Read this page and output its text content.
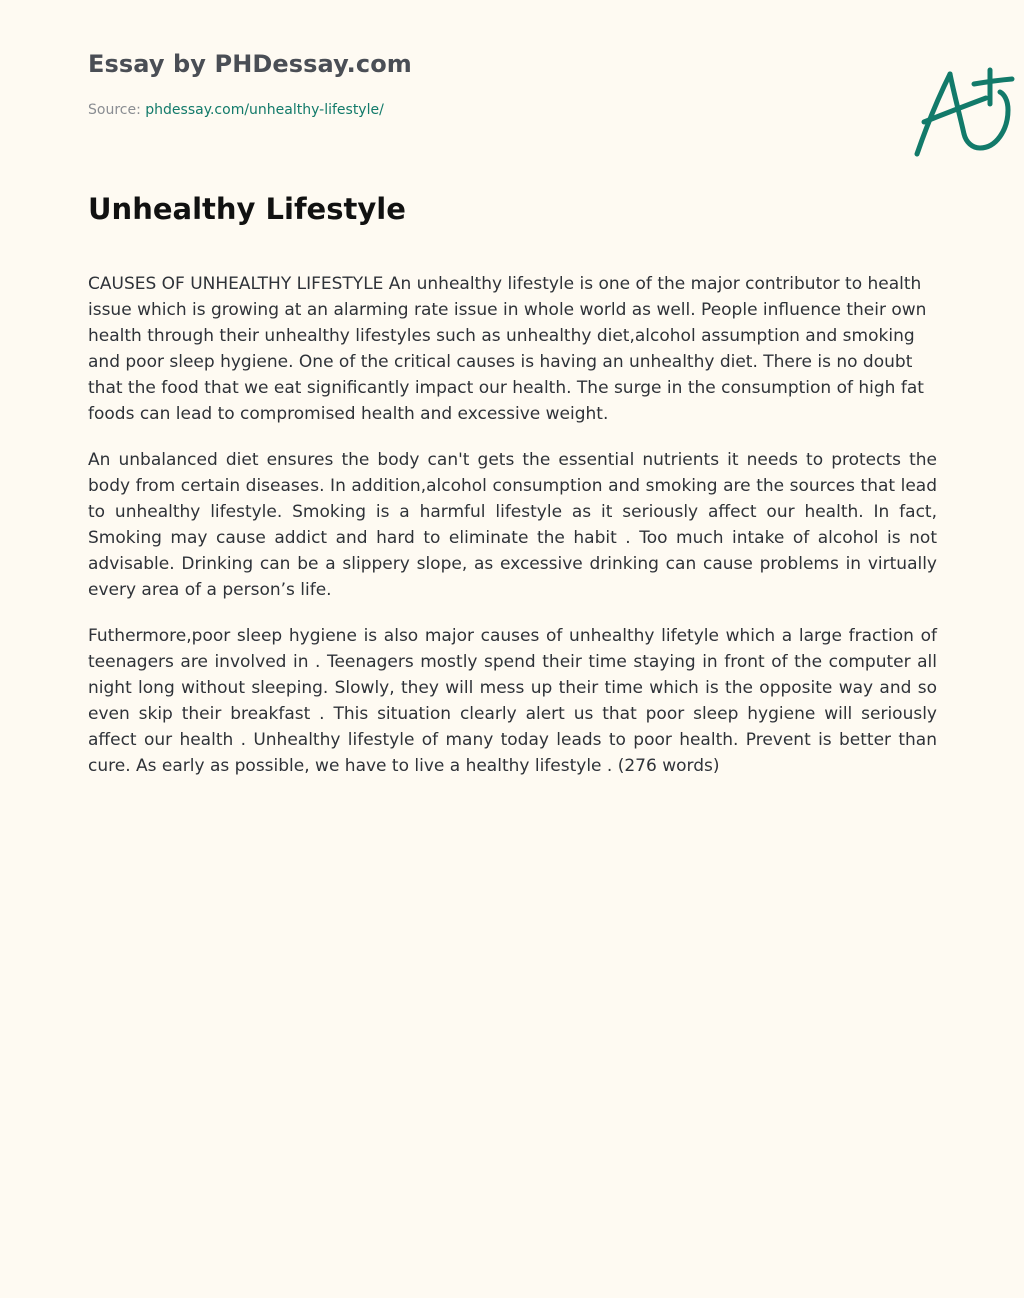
Essay by PHDessay.com
Source: phdessay.com/unhealthy-lifestyle/
Unhealthy Lifestyle

CAUSES OF UNHEALTHY LIFESTYLE An unhealthy lifestyle is one of the major contributor to health issue which is growing at an alarming rate issue in whole world as well. People influence their own health through their unhealthy lifestyles such as unhealthy diet,alcohol assumption and smoking and poor sleep hygiene. One of the critical causes is having an unhealthy diet. There is no doubt that the food that we eat significantly impact our health. The surge in the consumption of high fat foods can lead to compromised health and excessive weight.

An unbalanced diet ensures the body can't gets the essential nutrients it needs to protects the body from certain diseases. In addition,alcohol consumption and smoking are the sources that lead to unhealthy lifestyle. Smoking is a harmful lifestyle as it seriously affect our health. In fact, Smoking may cause addict and hard to eliminate the habit . Too much intake of alcohol is not advisable. Drinking can be a slippery slope, as excessive drinking can cause problems in virtually every area of a person’s life.

Futhermore,poor sleep hygiene is also major causes of unhealthy lifetyle which a large fraction of teenagers are involved in . Teenagers mostly spend their time staying in front of the computer all night long without sleeping. Slowly, they will mess up their time which is the opposite way and so even skip their breakfast . This situation clearly alert us that poor sleep hygiene will seriously affect our health . Unhealthy lifestyle of many today leads to poor health. Prevent is better than cure. As early as possible, we have to live a healthy lifestyle . (276 words)
